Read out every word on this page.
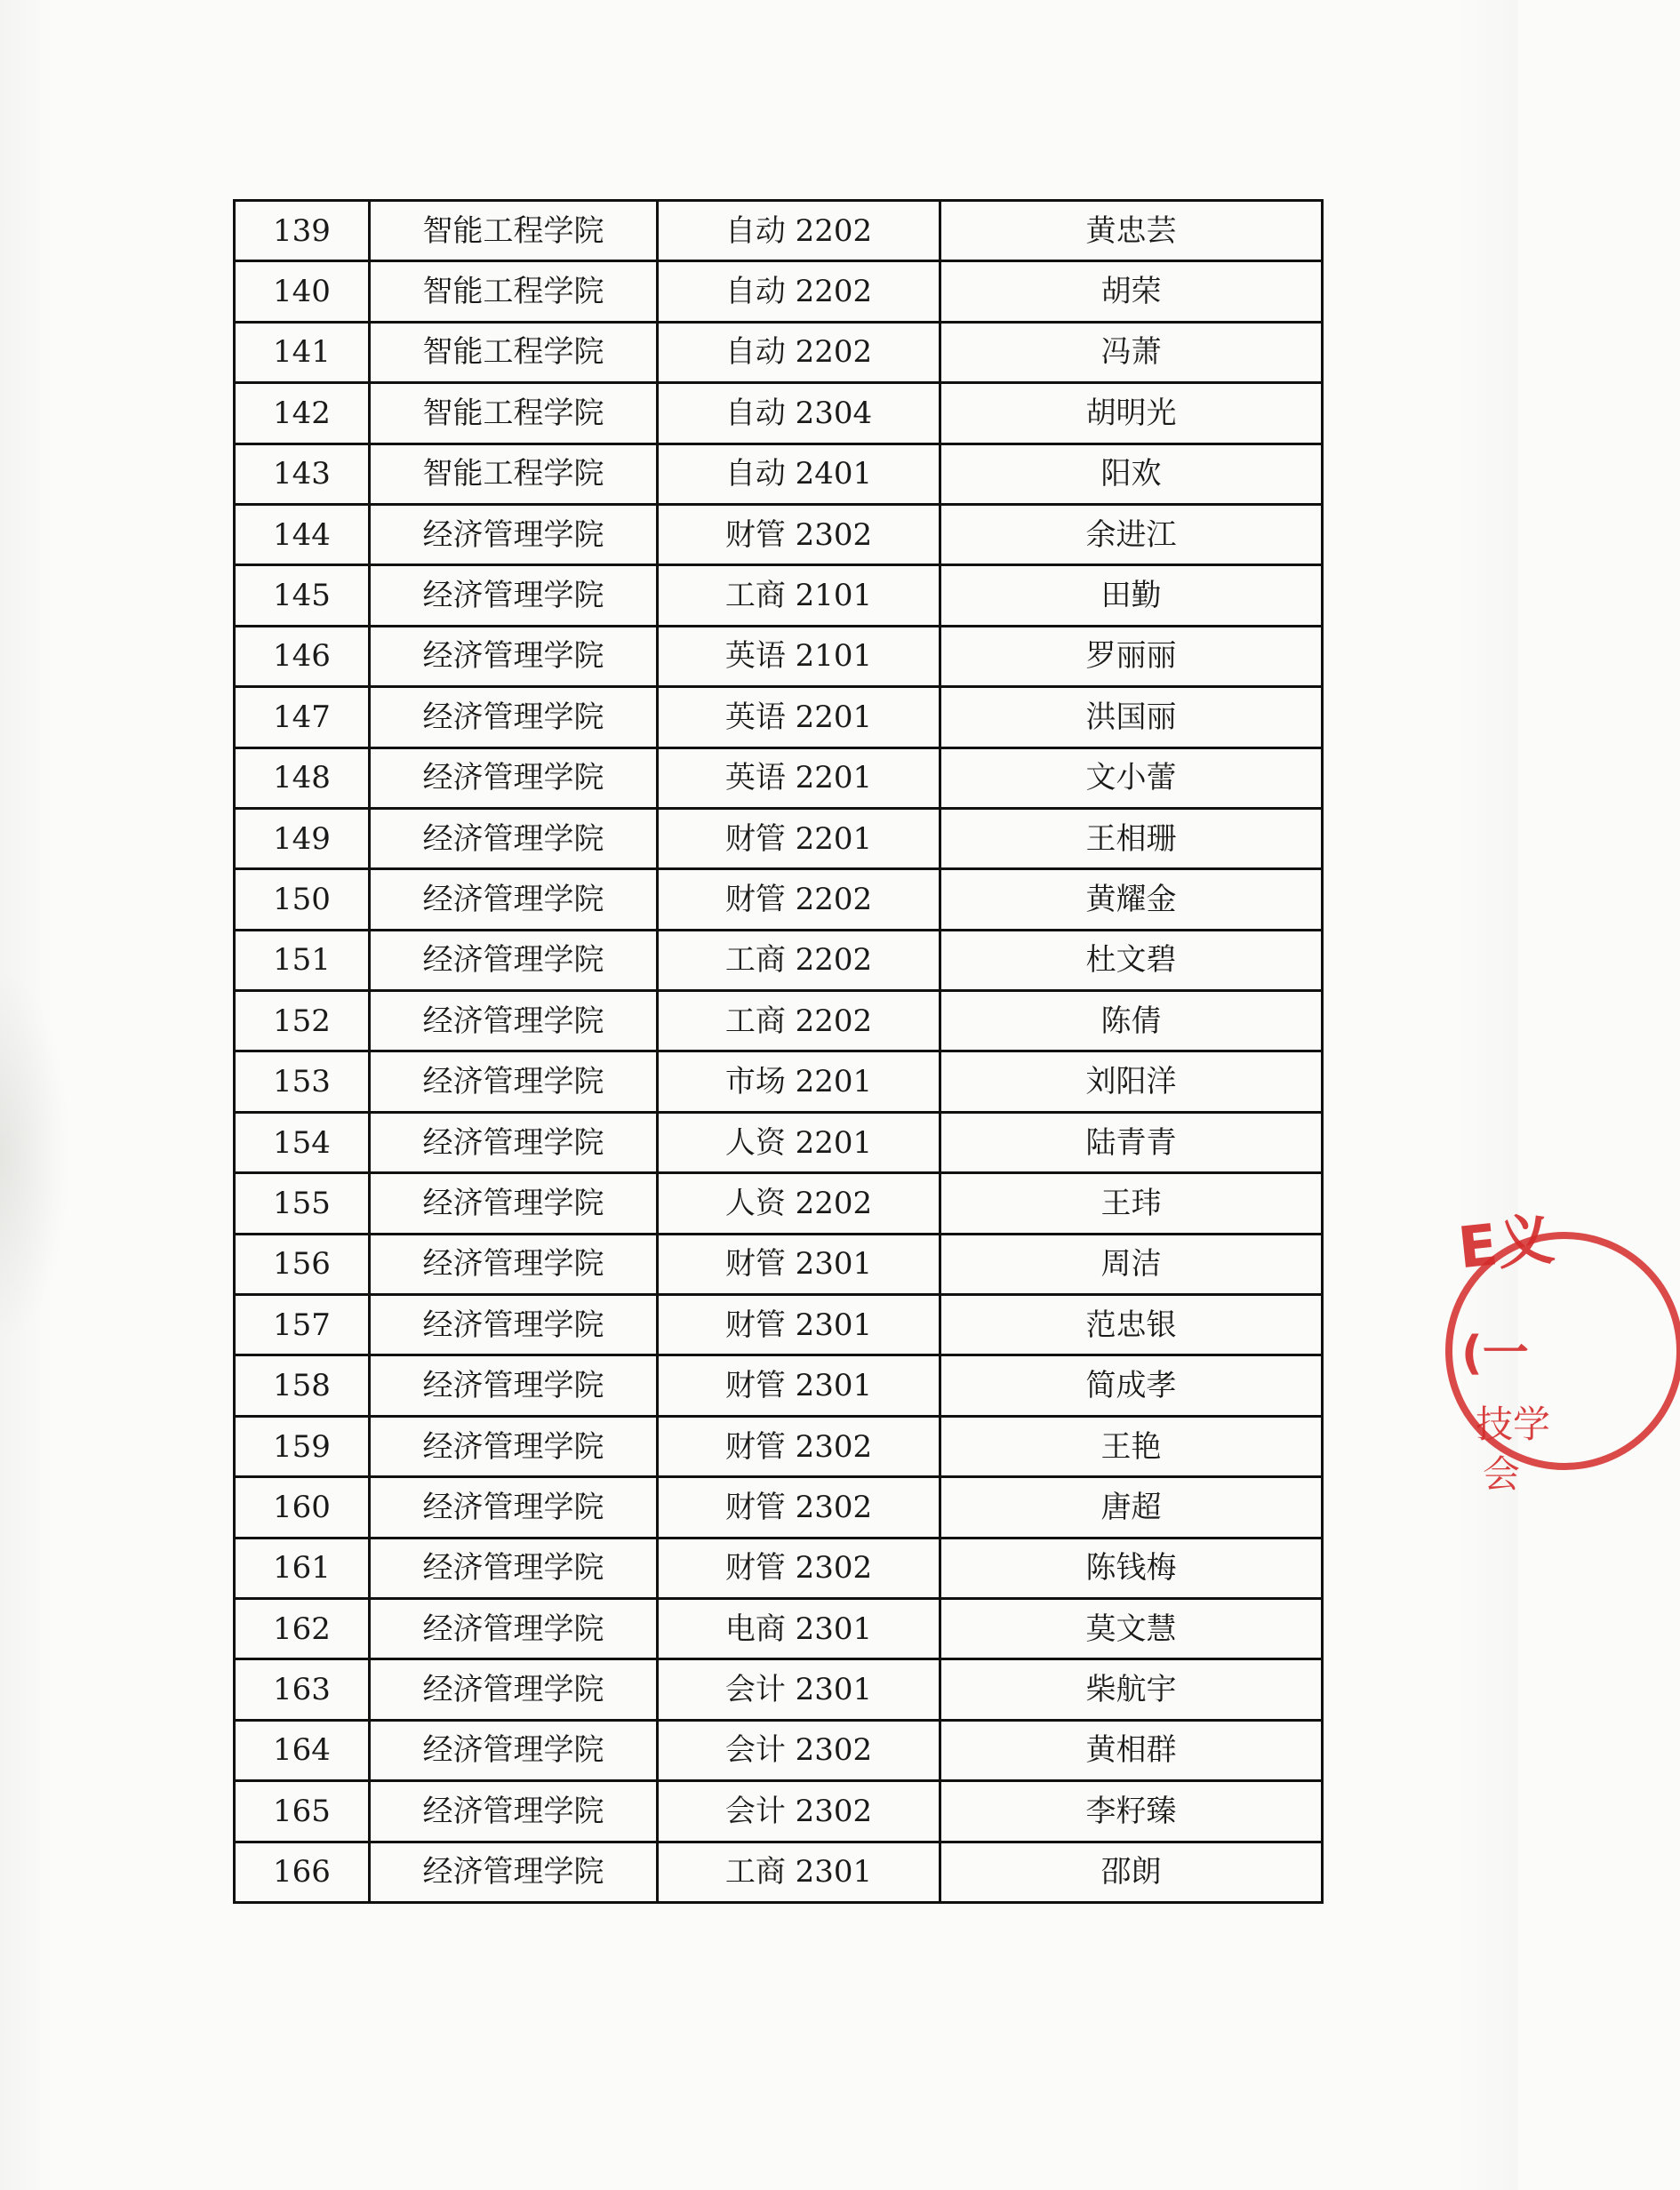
139	智能工程学院	自动 2202	黄忠芸
140	智能工程学院	自动 2202	胡荣
141	智能工程学院	自动 2202	冯萧
142	智能工程学院	自动 2304	胡明光
143	智能工程学院	自动 2401	阳欢
144	经济管理学院	财管 2302	余进江
145	经济管理学院	工商 2101	田勤
146	经济管理学院	英语 2101	罗丽丽
147	经济管理学院	英语 2201	洪国丽
148	经济管理学院	英语 2201	文小蕾
149	经济管理学院	财管 2201	王相珊
150	经济管理学院	财管 2202	黄耀金
151	经济管理学院	工商 2202	杜文碧
152	经济管理学院	工商 2202	陈倩
153	经济管理学院	市场 2201	刘阳洋
154	经济管理学院	人资 2201	陆青青
155	经济管理学院	人资 2202	王玮
156	经济管理学院	财管 2301	周洁
157	经济管理学院	财管 2301	范忠银
158	经济管理学院	财管 2301	简成孝
159	经济管理学院	财管 2302	王艳
160	经济管理学院	财管 2302	唐超
161	经济管理学院	财管 2302	陈钱梅
162	经济管理学院	电商 2301	莫文慧
163	经济管理学院	会计 2301	柴航宇
164	经济管理学院	会计 2302	黄相群
165	经济管理学院	会计 2302	李籽臻
166	经济管理学院	工商 2301	邵朗
E义
(一
技学
会
